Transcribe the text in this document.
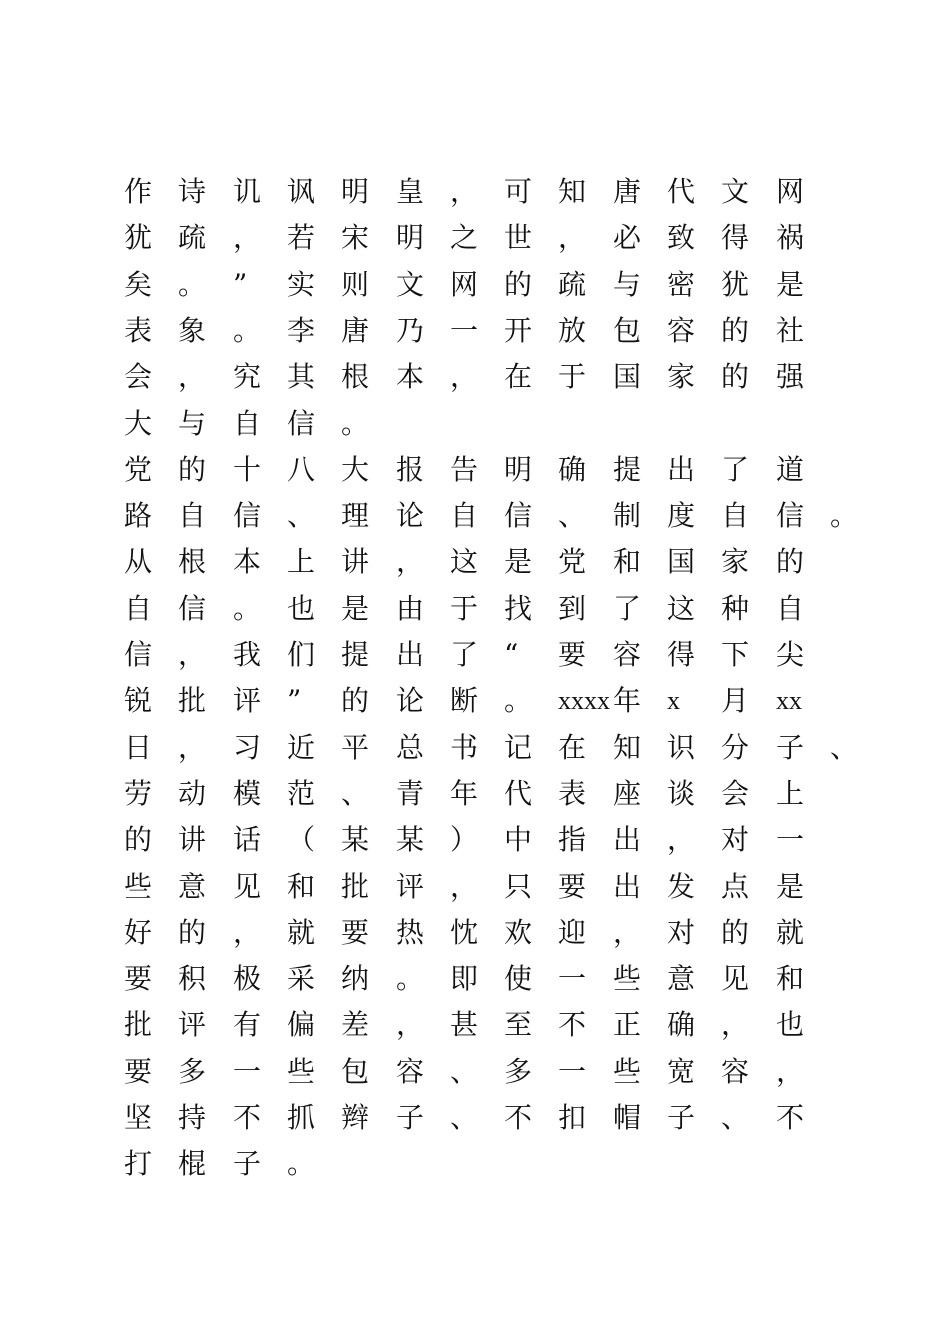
作 诗 讥 讽 明 皇 ， 可 知 唐 代 文 网
犹 疏 ， 若 宋 明 之 世 ， 必 致 得 祸
矣 。 ” 实 则 文 网 的 疏 与 密 犹 是
表 象 。 李 唐 乃 一 开 放 包 容 的 社
会 ， 究 其 根 本 ， 在 于 国 家 的 强
大 与 自 信 。
党 的 十 八 大 报 告 明 确 提 出 了 道
路 自 信 、 理 论 自 信 、 制 度 自 信 。
从 根 本 上 讲 ， 这 是 党 和 国 家 的
自 信 。 也 是 由 于 找 到 了 这 种 自
信 ， 我 们 提 出 了 “ 要 容 得 下 尖
锐 批 评 ” 的 论 断 。 xxxx 年 x 月 xx
日 ， 习 近 平 总 书 记 在 知 识 分 子 、
劳 动 模 范 、 青 年 代 表 座 谈 会 上
的 讲 话 （ 某 某 ） 中 指 出 ， 对 一
些 意 见 和 批 评 ， 只 要 出 发 点 是
好 的 ， 就 要 热 忱 欢 迎 ， 对 的 就
要 积 极 采 纳 。 即 使 一 些 意 见 和
批 评 有 偏 差 ， 甚 至 不 正 确 ， 也
要 多 一 些 包 容 、 多 一 些 宽 容 ，
坚 持 不 抓 辫 子 、 不 扣 帽 子 、 不
打 棍 子 。
